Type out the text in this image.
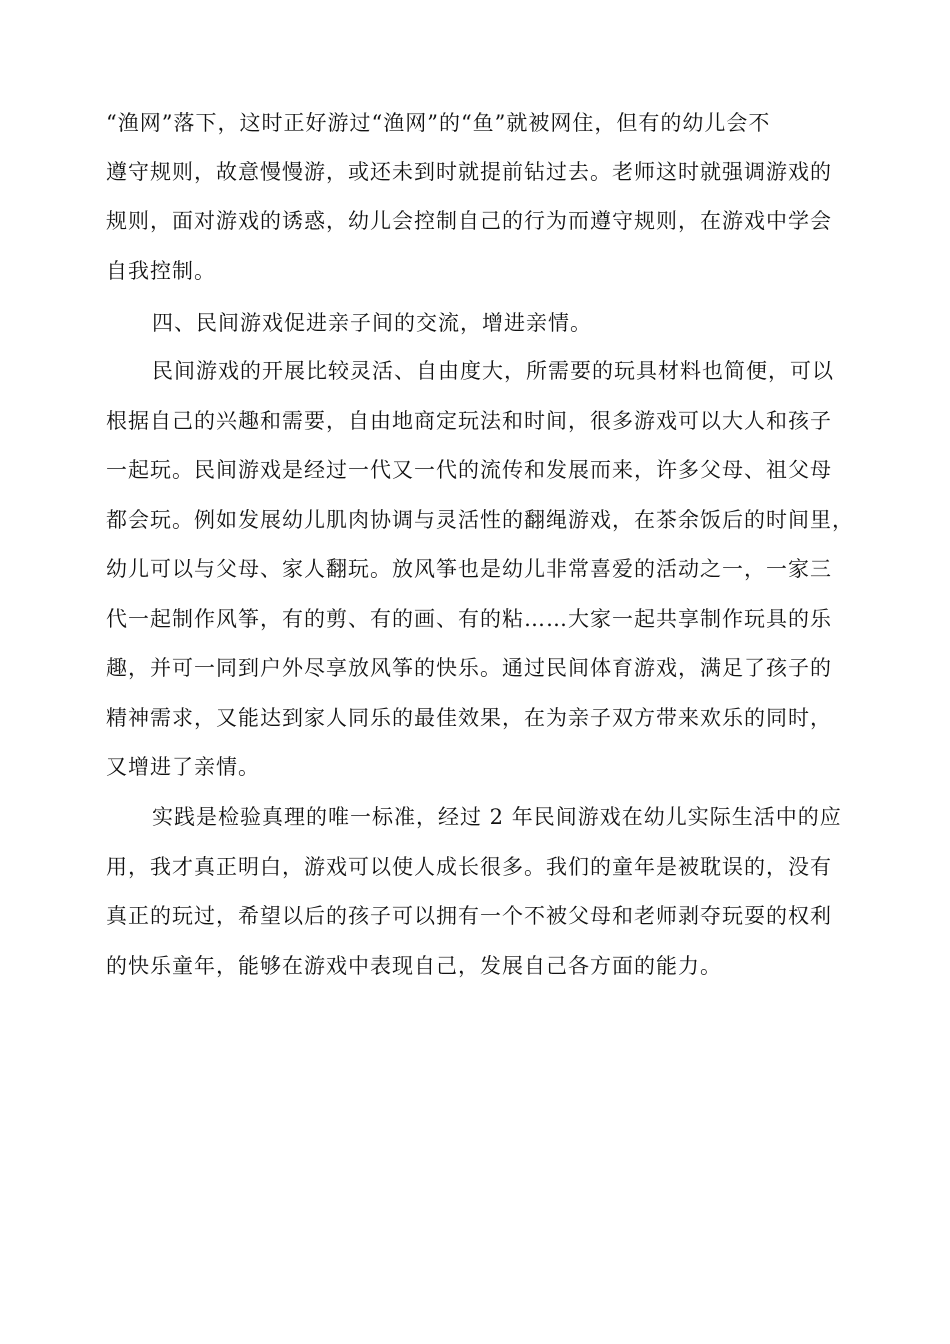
“渔网”落下，这时正好游过“渔网”的“鱼”就被网住，但有的幼儿会不
遵守规则，故意慢慢游，或还未到时就提前钻过去。老师这时就强调游戏的
规则，面对游戏的诱惑，幼儿会控制自己的行为而遵守规则，在游戏中学会
自我控制。
四、民间游戏促进亲子间的交流，增进亲情。
民间游戏的开展比较灵活、自由度大，所需要的玩具材料也简便，可以
根据自己的兴趣和需要，自由地商定玩法和时间，很多游戏可以大人和孩子
一起玩。民间游戏是经过一代又一代的流传和发展而来，许多父母、祖父母
都会玩。例如发展幼儿肌肉协调与灵活性的翻绳游戏，在茶余饭后的时间里，
幼儿可以与父母、家人翻玩。放风筝也是幼儿非常喜爱的活动之一，一家三
代一起制作风筝，有的剪、有的画、有的粘……大家一起共享制作玩具的乐
趣，并可一同到户外尽享放风筝的快乐。通过民间体育游戏，满足了孩子的
精神需求，又能达到家人同乐的最佳效果，在为亲子双方带来欢乐的同时，
又增进了亲情。
实践是检验真理的唯一标准，经过 2 年民间游戏在幼儿实际生活中的应
用，我才真正明白，游戏可以使人成长很多。我们的童年是被耽误的，没有
真正的玩过，希望以后的孩子可以拥有一个不被父母和老师剥夺玩耍的权利
的快乐童年，能够在游戏中表现自己，发展自己各方面的能力。
